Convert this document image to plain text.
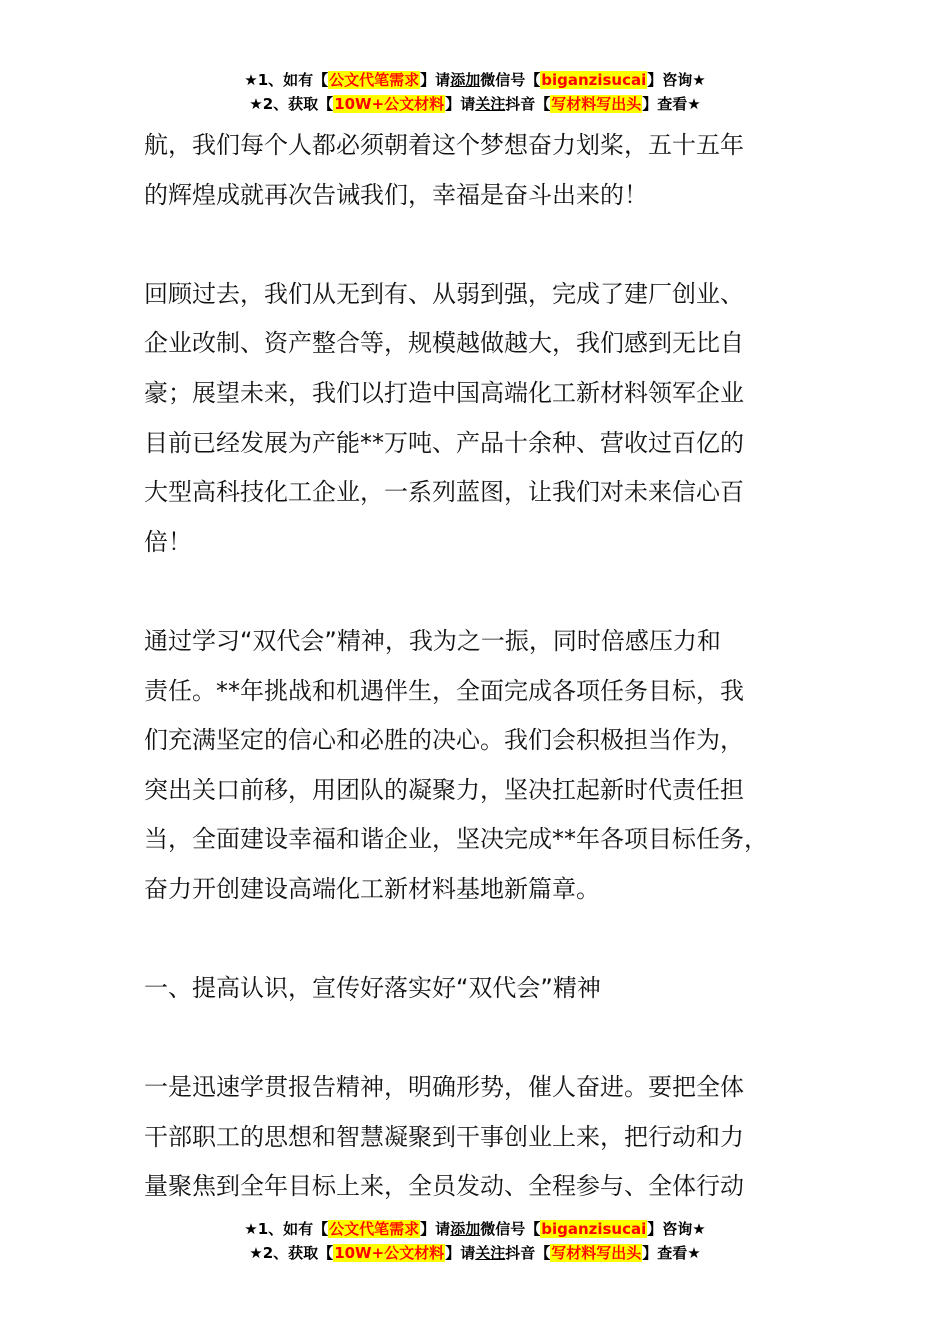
★1、如有【公文代笔需求】请添加微信号【biganzisucai】咨询★
★2、获取【10W+公文材料】请关注抖音【写材料写出头】查看★

航，我们每个人都必须朝着这个梦想奋力划桨，五十五年

的辉煌成就再次告诫我们，幸福是奋斗出来的！

回顾过去，我们从无到有、从弱到强，完成了建厂创业、

企业改制、资产整合等，规模越做越大，我们感到无比自

豪；展望未来，我们以打造中国高端化工新材料领军企业

目前已经发展为产能**万吨、产品十余种、营收过百亿的

大型高科技化工企业，一系列蓝图，让我们对未来信心百

倍！

通过学习“双代会”精神，我为之一振，同时倍感压力和

责任。**年挑战和机遇伴生，全面完成各项任务目标，我

们充满坚定的信心和必胜的决心。我们会积极担当作为，

突出关口前移，用团队的凝聚力，坚决扛起新时代责任担

当，全面建设幸福和谐企业，坚决完成**年各项目标任务，

奋力开创建设高端化工新材料基地新篇章。

一、提高认识，宣传好落实好“双代会”精神

一是迅速学贯报告精神，明确形势，催人奋进。要把全体

干部职工的思想和智慧凝聚到干事创业上来，把行动和力

量聚焦到全年目标上来，全员发动、全程参与、全体行动

★1、如有【公文代笔需求】请添加微信号【biganzisucai】咨询★
★2、获取【10W+公文材料】请关注抖音【写材料写出头】查看★
